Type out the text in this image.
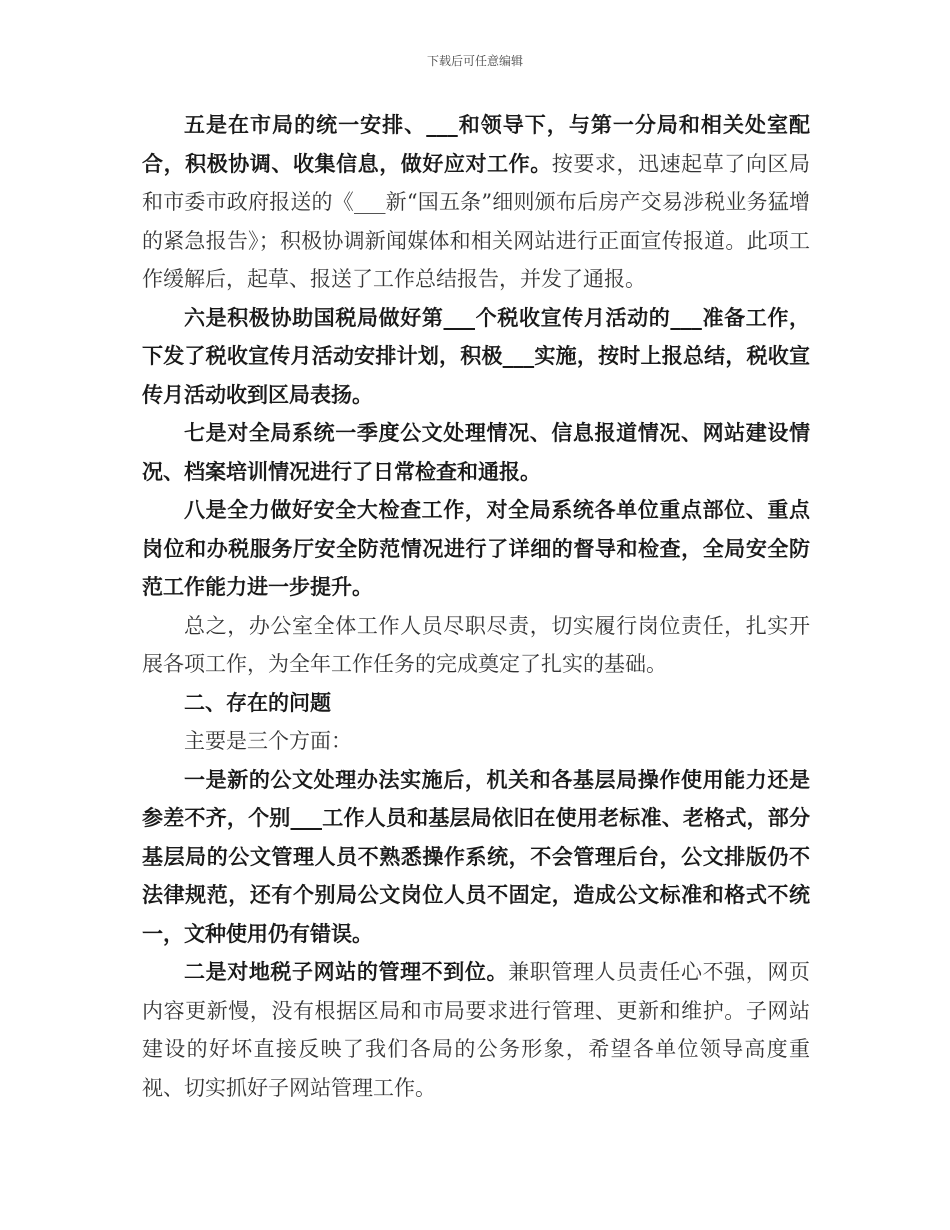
下载后可任意编辑

五是在市局的统一安排、___和领导下，与第一分局和相关处室配合，积极协调、收集信息，做好应对工作。按要求，迅速起草了向区局和市委市政府报送的《___新“国五条”细则颁布后房产交易涉税业务猛增的紧急报告》；积极协调新闻媒体和相关网站进行正面宣传报道。此项工作缓解后，起草、报送了工作总结报告，并发了通报。

六是积极协助国税局做好第___个税收宣传月活动的___准备工作，下发了税收宣传月活动安排计划，积极___实施，按时上报总结，税收宣传月活动收到区局表扬。

七是对全局系统一季度公文处理情况、信息报道情况、网站建设情况、档案培训情况进行了日常检查和通报。

八是全力做好安全大检查工作，对全局系统各单位重点部位、重点岗位和办税服务厅安全防范情况进行了详细的督导和检查，全局安全防范工作能力进一步提升。

总之，办公室全体工作人员尽职尽责，切实履行岗位责任，扎实开展各项工作，为全年工作任务的完成奠定了扎实的基础。

二、存在的问题

主要是三个方面：

一是新的公文处理办法实施后，机关和各基层局操作使用能力还是参差不齐，个别___工作人员和基层局依旧在使用老标准、老格式，部分基层局的公文管理人员不熟悉操作系统，不会管理后台，公文排版仍不法律规范，还有个别局公文岗位人员不固定，造成公文标准和格式不统一，文种使用仍有错误。

二是对地税子网站的管理不到位。兼职管理人员责任心不强，网页内容更新慢，没有根据区局和市局要求进行管理、更新和维护。子网站建设的好坏直接反映了我们各局的公务形象，希望各单位领导高度重视、切实抓好子网站管理工作。
